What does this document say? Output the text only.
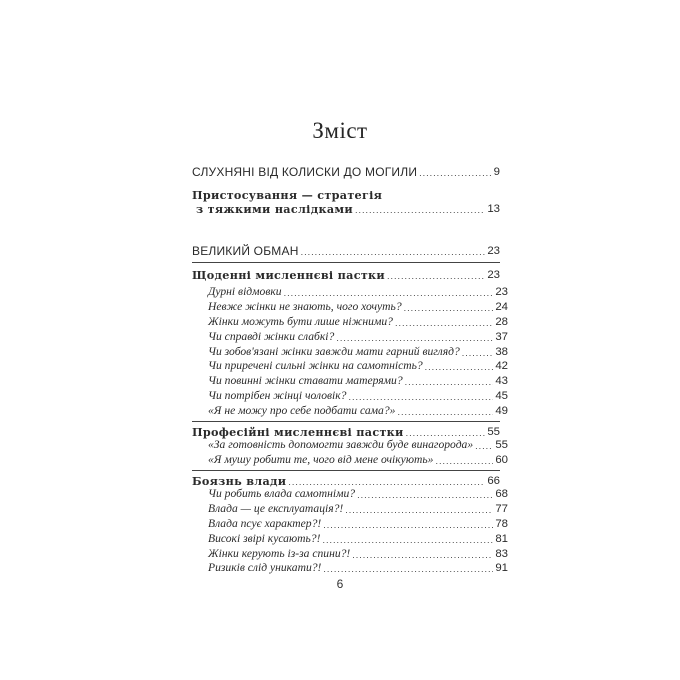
Зміст
СЛУХНЯНІ ВІД КОЛИСКИ ДО МОГИЛИ .....	9
Пристосування — стратегія
з тяжкими наслідками .....	13
ВЕЛИКИЙ ОБМАН .....	23
Щоденні мисленнєві пастки .....	23
Дурні відмовки .....	23
Невже жінки не знають, чого хочуть? .....	24
Жінки можуть бути лише ніжними? .....	28
Чи справді жінки слабкі? .....	37
Чи зобов'язані жінки завжди мати гарний вигляд? .....	38
Чи приречені сильні жінки на самотність? .....	42
Чи повинні жінки ставати матерями? .....	43
Чи потрібен жінці чоловік? .....	45
«Я не можу про себе подбати сама?» .....	49
Професійні мисленнєві пастки .....	55
«За готовність допомогти завжди буде винагорода» ..... 55
«Я мушу робити те, чого від мене очікують» .....	60
Боязнь влади .....	66
Чи робить влада самотніми? .....	68
Влада — це експлуатація?! .....	77
Влада псує характер?! .....	78
Високі звірі кусають?! .....	81
Жінки керують із-за спини?! .....	83
Ризиків слід уникати?! .....	91
6
